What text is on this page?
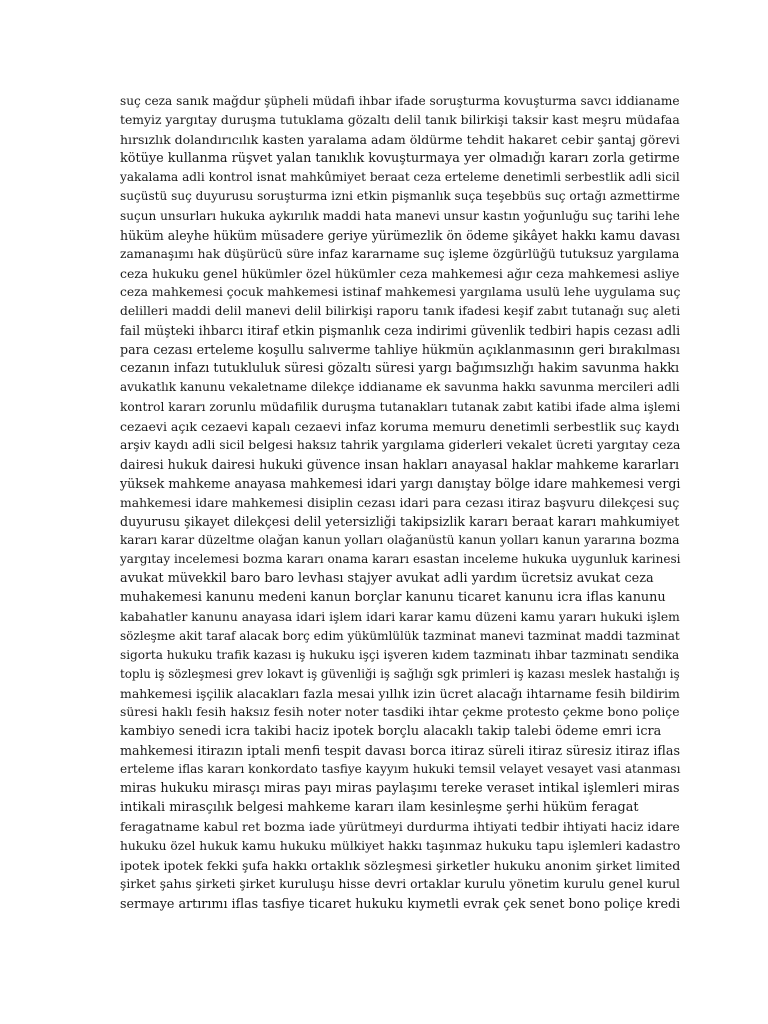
suç ceza sanık mağdur şüpheli müdafi ihbar ifade soruşturma kovuşturma savcı iddianame
temyiz yargıtay duruşma tutuklama gözaltı delil tanık bilirkişi taksir kast meşru müdafaa
hırsızlık dolandırıcılık kasten yaralama adam öldürme tehdit hakaret cebir şantaj görevi
kötüye kullanma rüşvet yalan tanıklık kovuşturmaya yer olmadığı kararı zorla getirme
yakalama adli kontrol isnat mahkûmiyet beraat ceza erteleme denetimli serbestlik adli sicil
suçüstü suç duyurusu soruşturma izni etkin pişmanlık suça teşebbüs suç ortağı azmettirme
suçun unsurları hukuka aykırılık maddi hata manevi unsur kastın yoğunluğu suç tarihi lehe
hüküm aleyhe hüküm müsadere geriye yürümezlik ön ödeme şikâyet hakkı kamu davası
zamanaşımı hak düşürücü süre infaz kararname suç işleme özgürlüğü tutuksuz yargılama
ceza hukuku genel hükümler özel hükümler ceza mahkemesi ağır ceza mahkemesi asliye
ceza mahkemesi çocuk mahkemesi istinaf mahkemesi yargılama usulü lehe uygulama suç
delilleri maddi delil manevi delil bilirkişi raporu tanık ifadesi keşif zabıt tutanağı suç aleti
fail müşteki ihbarcı itiraf etkin pişmanlık ceza indirimi güvenlik tedbiri hapis cezası adli
para cezası erteleme koşullu salıverme tahliye hükmün açıklanmasının geri bırakılması
cezanın infazı tutukluluk süresi gözaltı süresi yargı bağımsızlığı hakim savunma hakkı
avukatlık kanunu vekaletname dilekçe iddianame ek savunma hakkı savunma mercileri adli
kontrol kararı zorunlu müdafilik duruşma tutanakları tutanak zabıt katibi ifade alma işlemi
cezaevi açık cezaevi kapalı cezaevi infaz koruma memuru denetimli serbestlik suç kaydı
arşiv kaydı adli sicil belgesi haksız tahrik yargılama giderleri vekalet ücreti yargıtay ceza
dairesi hukuk dairesi hukuki güvence insan hakları anayasal haklar mahkeme kararları
yüksek mahkeme anayasa mahkemesi idari yargı danıştay bölge idare mahkemesi vergi
mahkemesi idare mahkemesi disiplin cezası idari para cezası itiraz başvuru dilekçesi suç
duyurusu şikayet dilekçesi delil yetersizliği takipsizlik kararı beraat kararı mahkumiyet
kararı karar düzeltme olağan kanun yolları olağanüstü kanun yolları kanun yararına bozma
yargıtay incelemesi bozma kararı onama kararı esastan inceleme hukuka uygunluk karinesi
avukat müvekkil baro baro levhası stajyer avukat adli yardım ücretsiz avukat ceza
muhakemesi kanunu medeni kanun borçlar kanunu ticaret kanunu icra iflas kanunu
kabahatler kanunu anayasa idari işlem idari karar kamu düzeni kamu yararı hukuki işlem
sözleşme akit taraf alacak borç edim yükümlülük tazminat manevi tazminat maddi tazminat
sigorta hukuku trafik kazası iş hukuku işçi işveren kıdem tazminatı ihbar tazminatı sendika
toplu iş sözleşmesi grev lokavt iş güvenliği iş sağlığı sgk primleri iş kazası meslek hastalığı iş
mahkemesi işçilik alacakları fazla mesai yıllık izin ücret alacağı ihtarname fesih bildirim
süresi haklı fesih haksız fesih noter noter tasdiki ihtar çekme protesto çekme bono poliçe
kambiyo senedi icra takibi haciz ipotek borçlu alacaklı takip talebi ödeme emri icra
mahkemesi itirazın iptali menfi tespit davası borca itiraz süreli itiraz süresiz itiraz iflas
erteleme iflas kararı konkordato tasfiye kayyım hukuki temsil velayet vesayet vasi atanması
miras hukuku mirasçı miras payı miras paylaşımı tereke veraset intikal işlemleri miras
intikali mirasçılık belgesi mahkeme kararı ilam kesinleşme şerhi hüküm feragat
feragatname kabul ret bozma iade yürütmeyi durdurma ihtiyati tedbir ihtiyati haciz idare
hukuku özel hukuk kamu hukuku mülkiyet hakkı taşınmaz hukuku tapu işlemleri kadastro
ipotek ipotek fekki şufa hakkı ortaklık sözleşmesi şirketler hukuku anonim şirket limited
şirket şahıs şirketi şirket kuruluşu hisse devri ortaklar kurulu yönetim kurulu genel kurul
sermaye artırımı iflas tasfiye ticaret hukuku kıymetli evrak çek senet bono poliçe kredi
